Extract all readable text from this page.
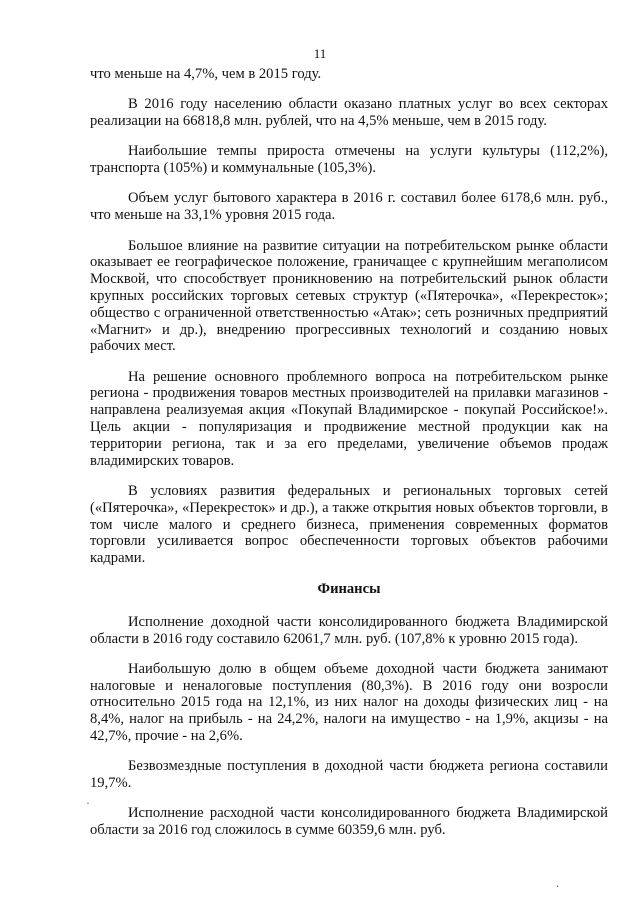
11

что меньше на 4,7%, чем в 2015 году.

В 2016 году населению области оказано платных услуг во всех секторах реализации на 66818,8 млн. рублей, что на 4,5% меньше, чем в 2015 году.

Наибольшие темпы прироста отмечены на услуги культуры (112,2%), транспорта (105%) и коммунальные (105,3%).

Объем услуг бытового характера в 2016 г. составил более 6178,6 млн. руб., что меньше на 33,1% уровня 2015 года.

Большое влияние на развитие ситуации на потребительском рынке области оказывает ее географическое положение, граничащее с крупнейшим мегаполисом Москвой, что способствует проникновению на потребительский рынок области крупных российских торговых сетевых структур («Пятерочка», «Перекресток»; общество с ограниченной ответственностью «Атак»; сеть розничных предприятий «Магнит» и др.), внедрению прогрессивных технологий и созданию новых рабочих мест.

На решение основного проблемного вопроса на потребительском рынке региона - продвижения товаров местных производителей на прилавки магазинов - направлена реализуемая акция «Покупай Владимирское - покупай Российское!». Цель акции - популяризация и продвижение местной продукции как на территории региона, так и за его пределами, увеличение объемов продаж владимирских товаров.

В условиях развития федеральных и региональных торговых сетей («Пятерочка», «Перекресток» и др.), а также открытия новых объектов торговли, в том числе малого и среднего бизнеса, применения современных форматов торговли усиливается вопрос обеспеченности торговых объектов рабочими кадрами.

Финансы

Исполнение доходной части консолидированного бюджета Владимирской области в 2016 году составило 62061,7 млн. руб. (107,8% к уровню 2015 года).

Наибольшую долю в общем объеме доходной части бюджета занимают налоговые и неналоговые поступления (80,3%). В 2016 году они возросли относительно 2015 года на 12,1%, из них налог на доходы физических лиц - на 8,4%, налог на прибыль - на 24,2%, налоги на имущество - на 1,9%, акцизы - на 42,7%, прочие - на 2,6%.

Безвозмездные поступления в доходной части бюджета региона составили 19,7%.

Исполнение расходной части консолидированного бюджета Владимирской области за 2016 год сложилось в сумме 60359,6 млн. руб.

·
.
